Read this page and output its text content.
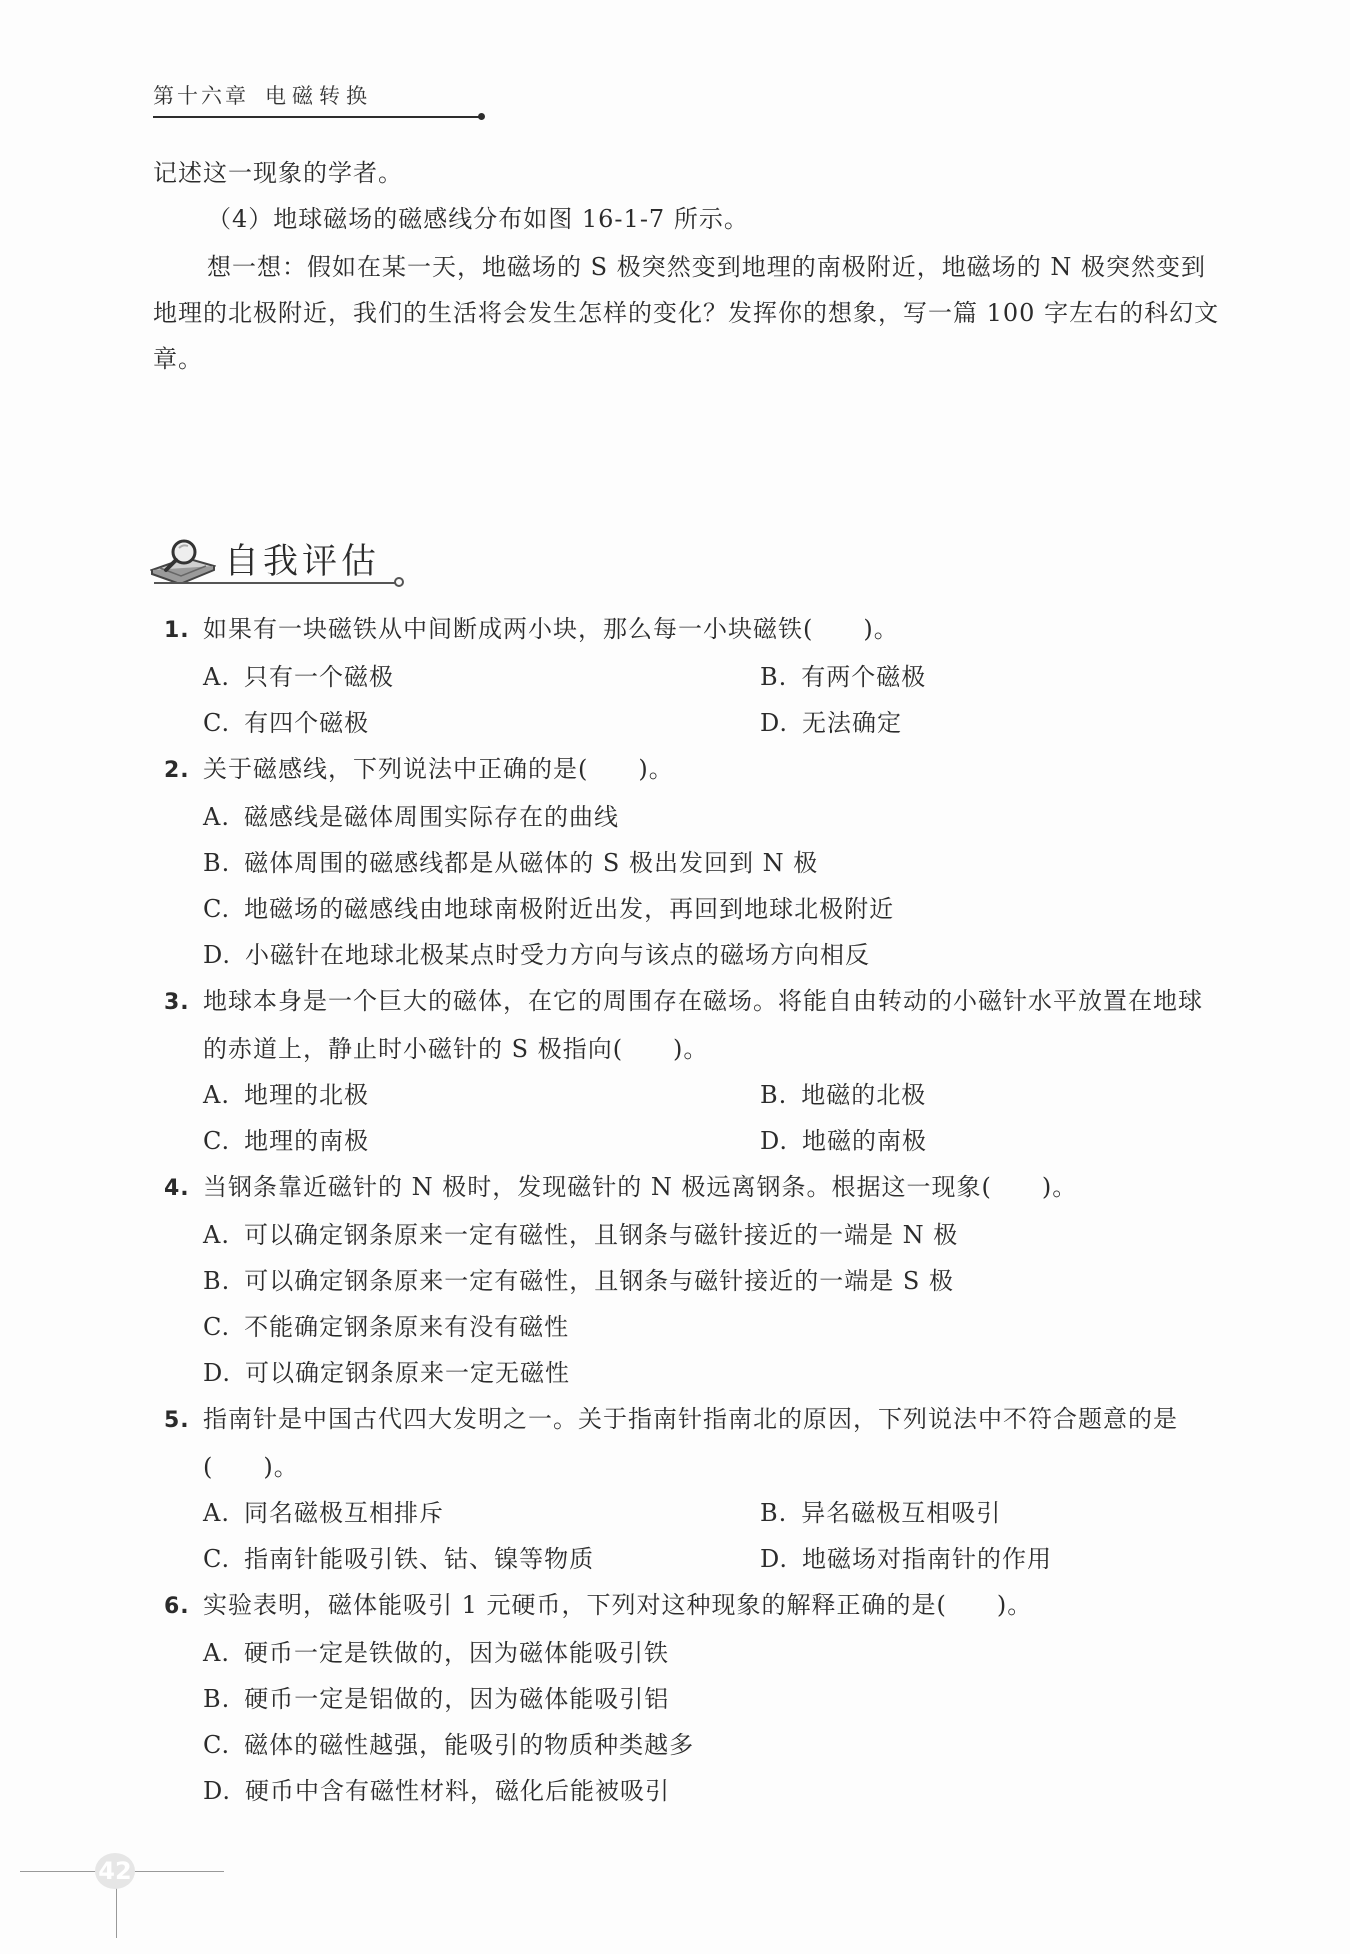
第十六章 电磁转换

记述这一现象的学者。

（4）地球磁场的磁感线分布如图 16-1-7 所示。

想一想：假如在某一天，地磁场的 S 极突然变到地理的南极附近，地磁场的 N 极突然变到地理的北极附近，我们的生活将会发生怎样的变化？发挥你的想象，写一篇 100 字左右的科幻文章。

自我评估

1. 如果有一块磁铁从中间断成两小块，那么每一小块磁铁(　　)。

A. 只有一个磁极	B. 有两个磁极
C. 有四个磁极	D. 无法确定

2. 关于磁感线，下列说法中正确的是(　　)。

A. 磁感线是磁体周围实际存在的曲线
B. 磁体周围的磁感线都是从磁体的 S 极出发回到 N 极
C. 地磁场的磁感线由地球南极附近出发，再回到地球北极附近
D. 小磁针在地球北极某点时受力方向与该点的磁场方向相反

3. 地球本身是一个巨大的磁体，在它的周围存在磁场。将能自由转动的小磁针水平放置在地球的赤道上，静止时小磁针的 S 极指向(　　)。

A. 地理的北极	B. 地磁的北极
C. 地理的南极	D. 地磁的南极

4. 当钢条靠近磁针的 N 极时，发现磁针的 N 极远离钢条。根据这一现象(　　)。

A. 可以确定钢条原来一定有磁性，且钢条与磁针接近的一端是 N 极
B. 可以确定钢条原来一定有磁性，且钢条与磁针接近的一端是 S 极
C. 不能确定钢条原来有没有磁性
D. 可以确定钢条原来一定无磁性

5. 指南针是中国古代四大发明之一。关于指南针指南北的原因，下列说法中不符合题意的是(　　)。

A. 同名磁极互相排斥	B. 异名磁极互相吸引
C. 指南针能吸引铁、钴、镍等物质	D. 地磁场对指南针的作用

6. 实验表明，磁体能吸引 1 元硬币，下列对这种现象的解释正确的是(　　)。

A. 硬币一定是铁做的，因为磁体能吸引铁
B. 硬币一定是铝做的，因为磁体能吸引铝
C. 磁体的磁性越强，能吸引的物质种类越多
D. 硬币中含有磁性材料，磁化后能被吸引
42
